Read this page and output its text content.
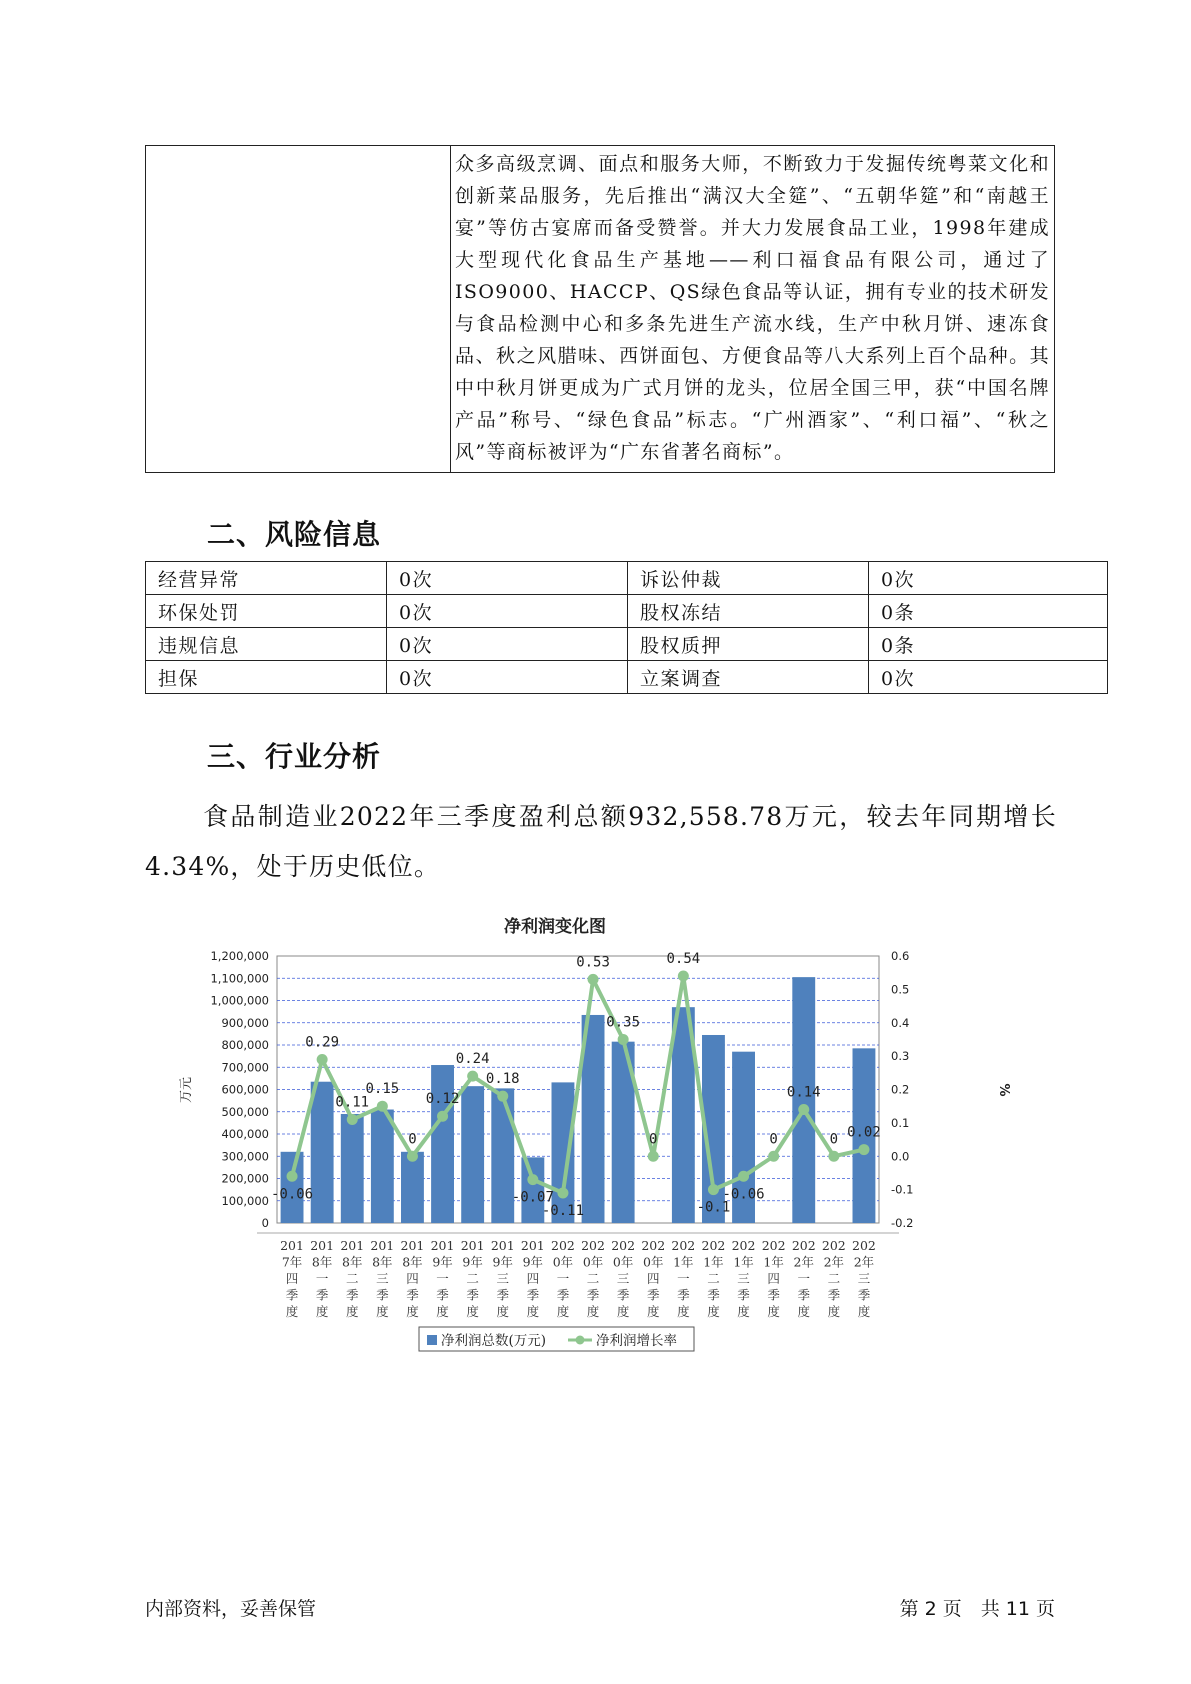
	众多高级烹调、面点和服务大师，不断致力于发掘传统粤菜文化和创新菜品服务，先后推出“满汉大全筵”、“五朝华筵”和“南越王宴”等仿古宴席而备受赞誉。并大力发展食品工业，1998年建成大型现代化食品生产基地——利口福食品有限公司，通过了ISO9000、HACCP、QS绿色食品等认证，拥有专业的技术研发与食品检测中心和多条先进生产流水线，生产中秋月饼、速冻食品、秋之风腊味、西饼面包、方便食品等八大系列上百个品种。其中中秋月饼更成为广式月饼的龙头，位居全国三甲，获“中国名牌产品”称号、“绿色食品”标志。“广州酒家”、“利口福”、“秋之风”等商标被评为“广东省著名商标”。
二、风险信息
经营异常	0次	诉讼仲裁	0次
环保处罚	0次	股权冻结	0条
违规信息	0次	股权质押	0条
担保	0次	立案调查	0次
三、行业分析
食品制造业2022年三季度盈利总额932,558.78万元，较去年同期增长4.34%，处于历史低位。
净利润变化图
0
100,000
200,000
300,000
400,000
500,000
600,000
700,000
800,000
900,000
1,000,000
1,100,000
1,200,000
-0.2
-0.1
0.0
0.1
0.2
0.3
0.4
0.5
0.6
万元	%
-0.06
0.29
0.11
0.15
0
0.12
0.24
0.18
-0.07
-0.11
0.53
0.35
0
0.54
-0.1
-0.06
0
0.14
0 0.02
201 7年四季度
201 8年一季度
201 8年二季度
201 8年三季度
201 8年四季度
201 9年一季度
201 9年二季度
201 9年三季度
201 9年四季度
202 0年一季度
202 0年二季度
202 0年三季度
202 0年四季度
202 1年一季度
202 1年二季度
202 1年三季度
202 1年四季度
202 2年一季度
202 2年二季度
202 2年三季度
净利润总数(万元)	净利润增长率
内部资料，妥善保管	第 2 页　共 11 页
